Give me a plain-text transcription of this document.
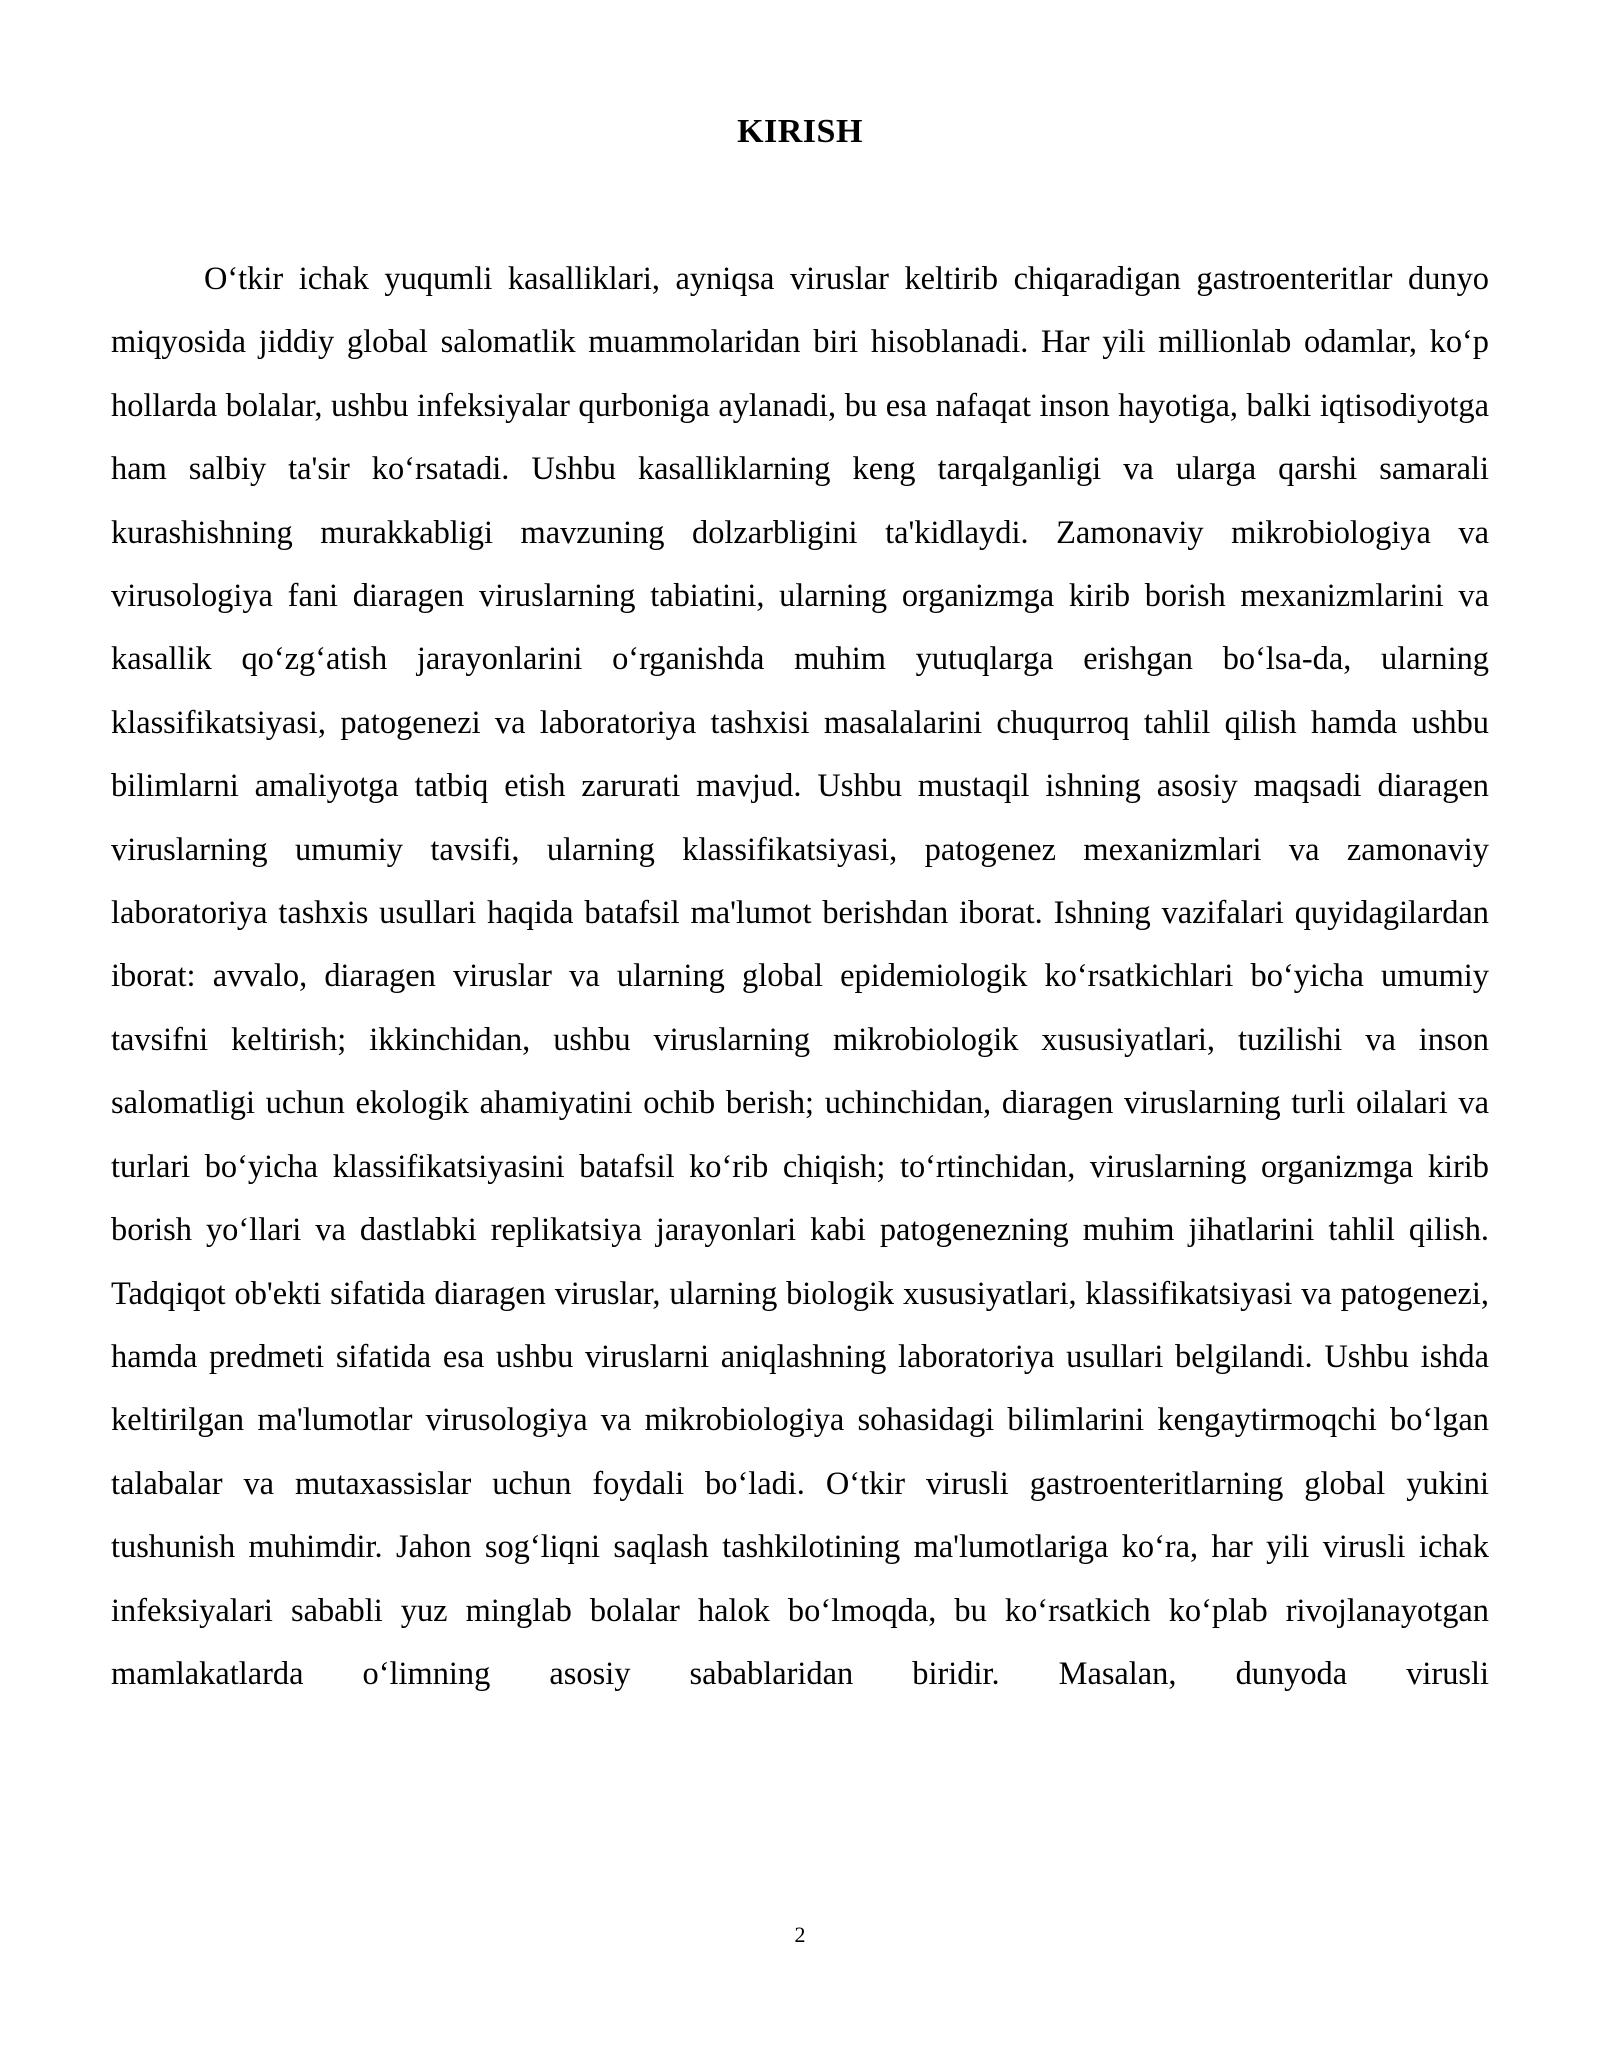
KIRISH

O‘tkir ichak yuqumli kasalliklari, ayniqsa viruslar keltirib chiqaradigan gastroenteritlar dunyo miqyosida jiddiy global salomatlik muammolaridan biri hisoblanadi. Har yili millionlab odamlar, ko‘p hollarda bolalar, ushbu infeksiyalar qurboniga aylanadi, bu esa nafaqat inson hayotiga, balki iqtisodiyotga ham salbiy ta'sir ko‘rsatadi. Ushbu kasalliklarning keng tarqalganligi va ularga qarshi samarali kurashishning murakkabligi mavzuning dolzarbligini ta'kidlaydi. Zamonaviy mikrobiologiya va virusologiya fani diaragen viruslarning tabiatini, ularning organizmga kirib borish mexanizmlarini va kasallik qo‘zg‘atish jarayonlarini o‘rganishda muhim yutuqlarga erishgan bo‘lsa-da, ularning klassifikatsiyasi, patogenezi va laboratoriya tashxisi masalalarini chuqurroq tahlil qilish hamda ushbu bilimlarni amaliyotga tatbiq etish zarurati mavjud. Ushbu mustaqil ishning asosiy maqsadi diaragen viruslarning umumiy tavsifi, ularning klassifikatsiyasi, patogenez mexanizmlari va zamonaviy laboratoriya tashxis usullari haqida batafsil ma'lumot berishdan iborat. Ishning vazifalari quyidagilardan iborat: avvalo, diaragen viruslar va ularning global epidemiologik ko‘rsatkichlari bo‘yicha umumiy tavsifni keltirish; ikkinchidan, ushbu viruslarning mikrobiologik xususiyatlari, tuzilishi va inson salomatligi uchun ekologik ahamiyatini ochib berish; uchinchidan, diaragen viruslarning turli oilalari va turlari bo‘yicha klassifikatsiyasini batafsil ko‘rib chiqish; to‘rtinchidan, viruslarning organizmga kirib borish yo‘llari va dastlabki replikatsiya jarayonlari kabi patogenezning muhim jihatlarini tahlil qilish. Tadqiqot ob'ekti sifatida diaragen viruslar, ularning biologik xususiyatlari, klassifikatsiyasi va patogenezi, hamda predmeti sifatida esa ushbu viruslarni aniqlashning laboratoriya usullari belgilandi. Ushbu ishda keltirilgan ma'lumotlar virusologiya va mikrobiologiya sohasidagi bilimlarini kengaytirmoqchi bo‘lgan talabalar va mutaxassislar uchun foydali bo‘ladi. O‘tkir virusli gastroenteritlarning global yukini tushunish muhimdir. Jahon sog‘liqni saqlash tashkilotining ma'lumotlariga ko‘ra, har yili virusli ichak infeksiyalari sababli yuz minglab bolalar halok bo‘lmoqda, bu ko‘rsatkich ko‘plab rivojlanayotgan mamlakatlarda o‘limning asosiy sabablaridan biridir. Masalan, dunyoda virusli

2
